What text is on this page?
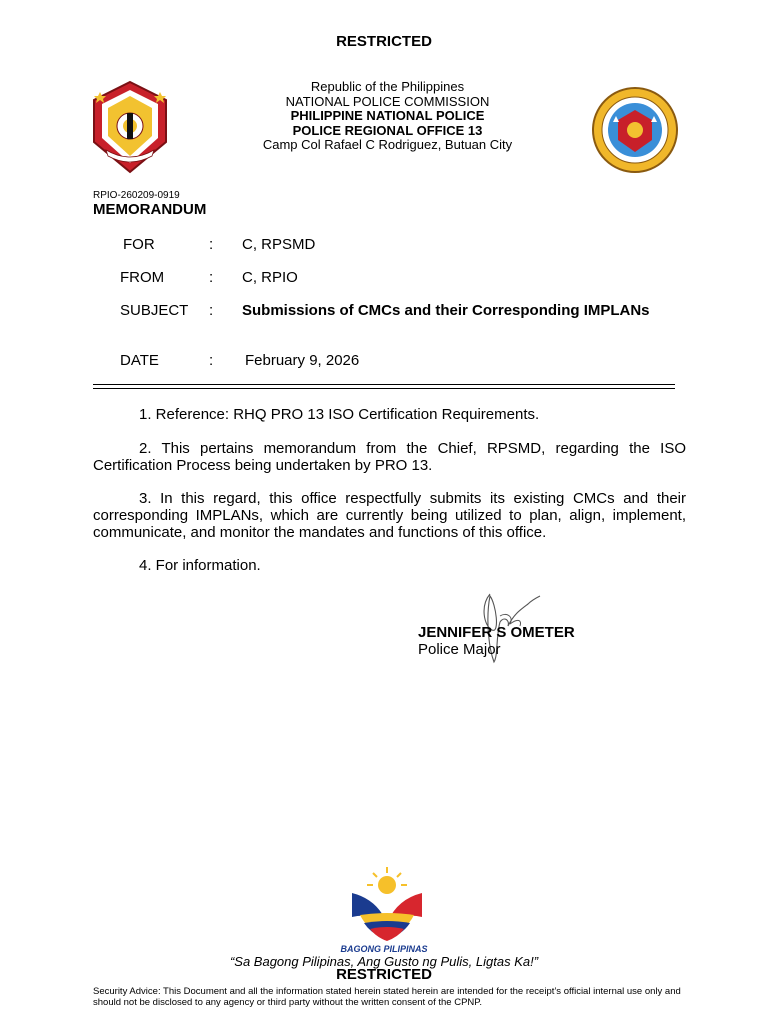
RESTRICTED
Republic of the Philippines
NATIONAL POLICE COMMISSION
PHILIPPINE NATIONAL POLICE
POLICE REGIONAL OFFICE 13
Camp Col Rafael C Rodriguez, Butuan City
RPIO-260209-0919
MEMORANDUM
FOR	: C, RPSMD
FROM	: C, RPIO
SUBJECT : Submissions of CMCs and their Corresponding IMPLANs
DATE	: February 9, 2026
1. Reference: RHQ PRO 13 ISO Certification Requirements.
2. This pertains memorandum from the Chief, RPSMD, regarding the ISO Certification Process being undertaken by PRO 13.
3. In this regard, this office respectfully submits its existing CMCs and their corresponding IMPLANs, which are currently being utilized to plan, align, implement, communicate, and monitor the mandates and functions of this office.
4. For information.
JENNIFER S OMETER
Police Major
BAGONG PILIPINAS
“Sa Bagong Pilipinas, Ang Gusto ng Pulis, Ligtas Ka!”
RESTRICTED
Security Advice: This Document and all the information stated herein stated herein are intended for the receipt’s official internal use only and should not be disclosed to any agency or third party without the written consent of the CPNP.
